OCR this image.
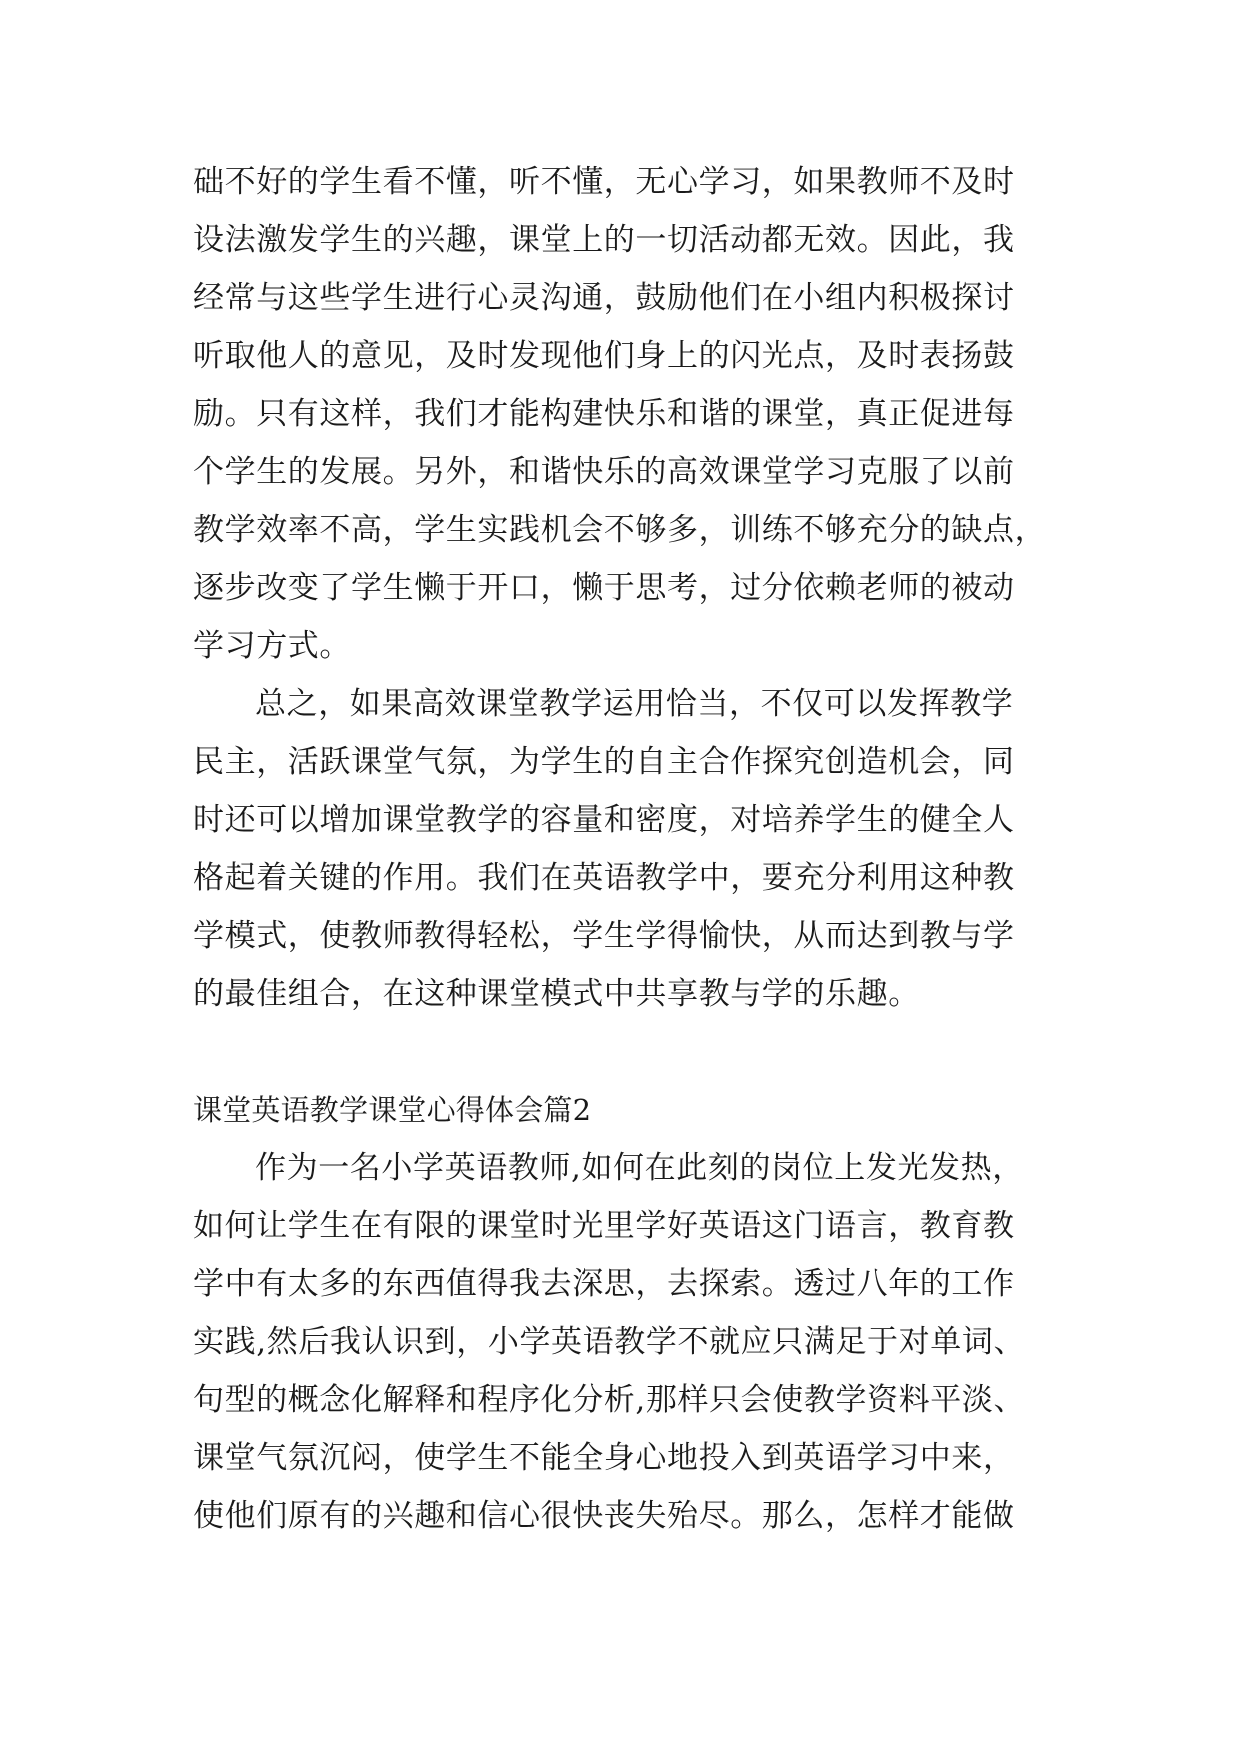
础不好的学生看不懂，听不懂，无心学习，如果教师不及时
设法激发学生的兴趣，课堂上的一切活动都无效。因此，我
经常与这些学生进行心灵沟通，鼓励他们在小组内积极探讨
听取他人的意见，及时发现他们身上的闪光点，及时表扬鼓
励。只有这样，我们才能构建快乐和谐的课堂，真正促进每
个学生的发展。另外，和谐快乐的高效课堂学习克服了以前
教学效率不高，学生实践机会不够多，训练不够充分的缺点，
逐步改变了学生懒于开口，懒于思考，过分依赖老师的被动
学习方式。
总之，如果高效课堂教学运用恰当，不仅可以发挥教学
民主，活跃课堂气氛，为学生的自主合作探究创造机会，同
时还可以增加课堂教学的容量和密度，对培养学生的健全人
格起着关键的作用。我们在英语教学中，要充分利用这种教
学模式，使教师教得轻松，学生学得愉快，从而达到教与学
的最佳组合，在这种课堂模式中共享教与学的乐趣。
课堂英语教学课堂心得体会篇2
作为一名小学英语教师,如何在此刻的岗位上发光发热，
如何让学生在有限的课堂时光里学好英语这门语言，教育教
学中有太多的东西值得我去深思，去探索。透过八年的工作
实践,然后我认识到，小学英语教学不就应只满足于对单词、
句型的概念化解释和程序化分析,那样只会使教学资料平淡、
课堂气氛沉闷，使学生不能全身心地投入到英语学习中来，
使他们原有的兴趣和信心很快丧失殆尽。那么，怎样才能做
